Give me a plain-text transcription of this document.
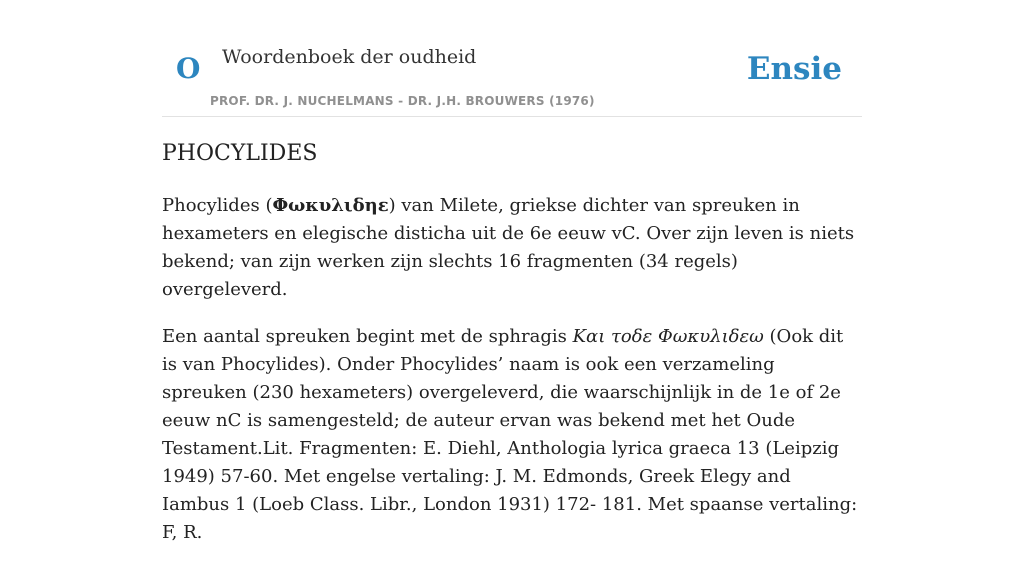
O Woordenboek der oudheid
PROF. DR. J. NUCHELMANS - DR. J.H. BROUWERS (1976)
Ensie
PHOCYLIDES

Phocylides (Φωκυλιδηε) van Milete, griekse dichter van spreuken in hexameters en elegische disticha uit de 6e eeuw vC. Over zijn leven is niets bekend; van zijn werken zijn slechts 16 fragmenten (34 regels) overgeleverd.

Een aantal spreuken begint met de sphragis Και τοδε Φωκυλιδεω (Ook dit is van Phocylides). Onder Phocylides’ naam is ook een verzameling spreuken (230 hexameters) overgeleverd, die waarschijnlijk in de 1e of 2e eeuw nC is samengesteld; de auteur ervan was bekend met het Oude Testament.Lit. Fragmenten: E. Diehl, Anthologia lyrica graeca 13 (Leipzig 1949) 57-60. Met engelse vertaling: J. M. Edmonds, Greek Elegy and Iambus 1 (Loeb Class. Libr., London 1931) 172- 181. Met spaanse vertaling: F, R.
